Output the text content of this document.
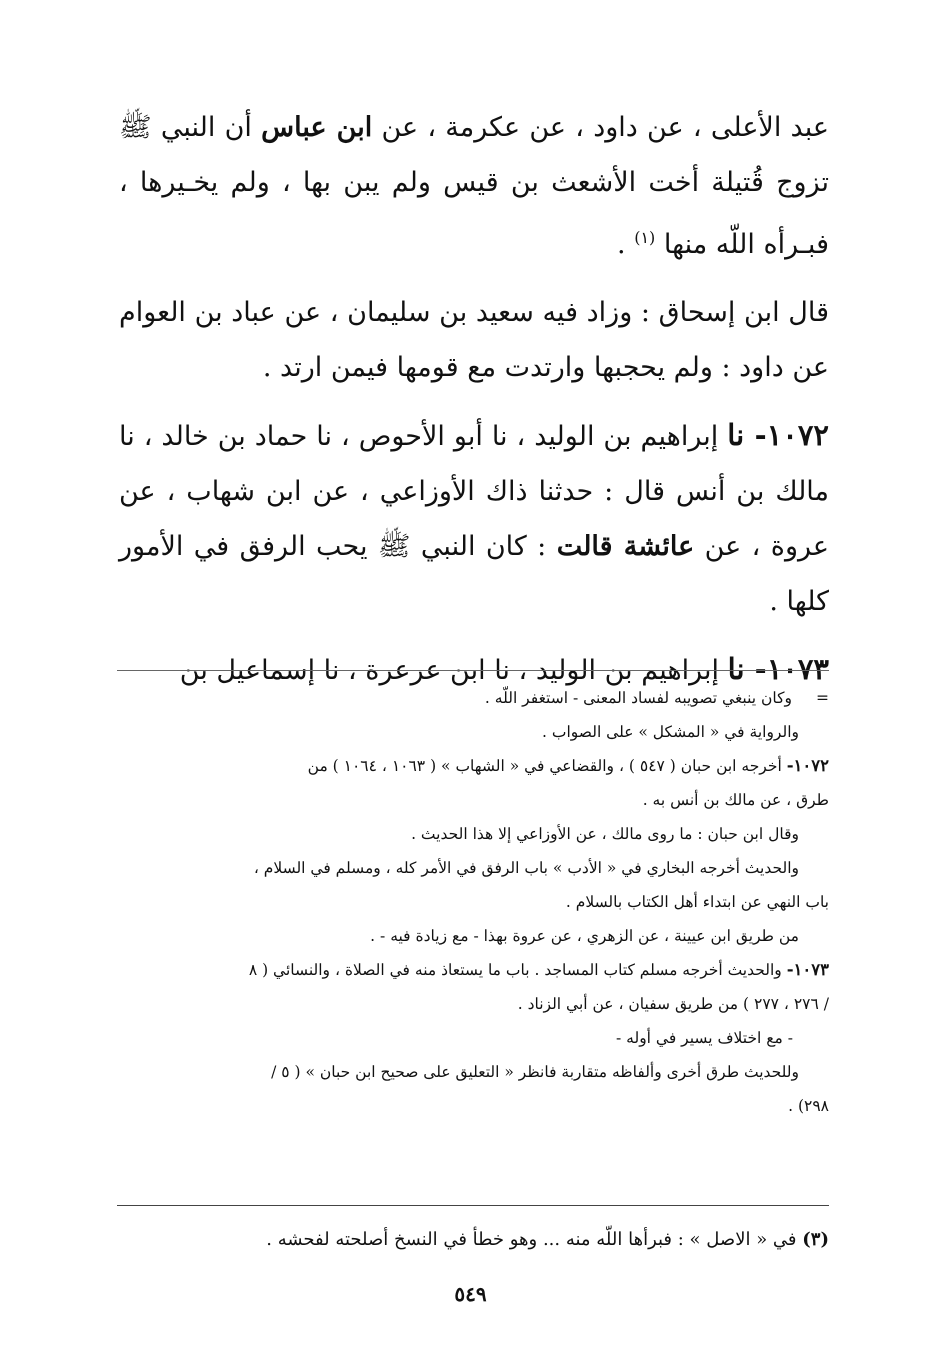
عبد الأعلى ، عن داود ، عن عكرمة ، عن ابن عباس أن النبي ﷺ تزوج قُتيلة أخت الأشعث بن قيس ولم يبن بها ، ولم يخـيرها ، فبـرأه اللّه منها $^{(١)}$ .

قال ابن إسحاق : وزاد فيه سعيد بن سليمان ، عن عباد بن العوام عن داود : ولم يحجبها وارتدت مع قومها فيمن ارتد .

١٠٧٢- نا إبراهيم بن الوليد ، نا أبو الأحوص ، نا حماد بن خالد ، نا مالك بن أنس قال : حدثنا ذاك الأوزاعي ، عن ابن شهاب ، عن عروة ، عن عائشة قالت : كان النبي ﷺ يحب الرفق في الأمور كلها .

١٠٧٣- نا إبراهيم بن الوليد ، نا ابن عرعرة ، نا إسماعيل بن

=وكان ينبغي تصويبه لفساد المعنى - استغفر اللّه .

والرواية في « المشكل » على الصواب .

١٠٧٢- أخرجه ابن حبان ( ٥٤٧ ) ، والقضاعي في « الشهاب » ( ١٠٦٣ ، ١٠٦٤ ) من

طرق ، عن مالك بن أنس به .

وقال ابن حبان : ما روى مالك ، عن الأوزاعي إلا هذا الحديث .

والحديث أخرجه البخاري في « الأدب » باب الرفق في الأمر كله ، ومسلم في السلام ،

باب النهي عن ابتداء أهل الكتاب بالسلام .

من طريق ابن عيينة ، عن الزهري ، عن عروة بهذا - مع زيادة فيه - .

١٠٧٣- والحديث أخرجه مسلم كتاب المساجد . باب ما يستعاذ منه في الصلاة ، والنسائي ( ٨

/ ٢٧٦ ، ٢٧٧ ) من طريق سفيان ، عن أبي الزناد .

- مع اختلاف يسير في أوله -

وللحديث طرق أخرى وألفاظه متقاربة فانظر « التعليق على صحيح ابن حبان » ( ٥ /

٢٩٨) .

(٣) في « الاصل » : فبرأها اللّه منه ... وهو خطأ في النسخ أصلحته لفحشه .

٥٤٩
